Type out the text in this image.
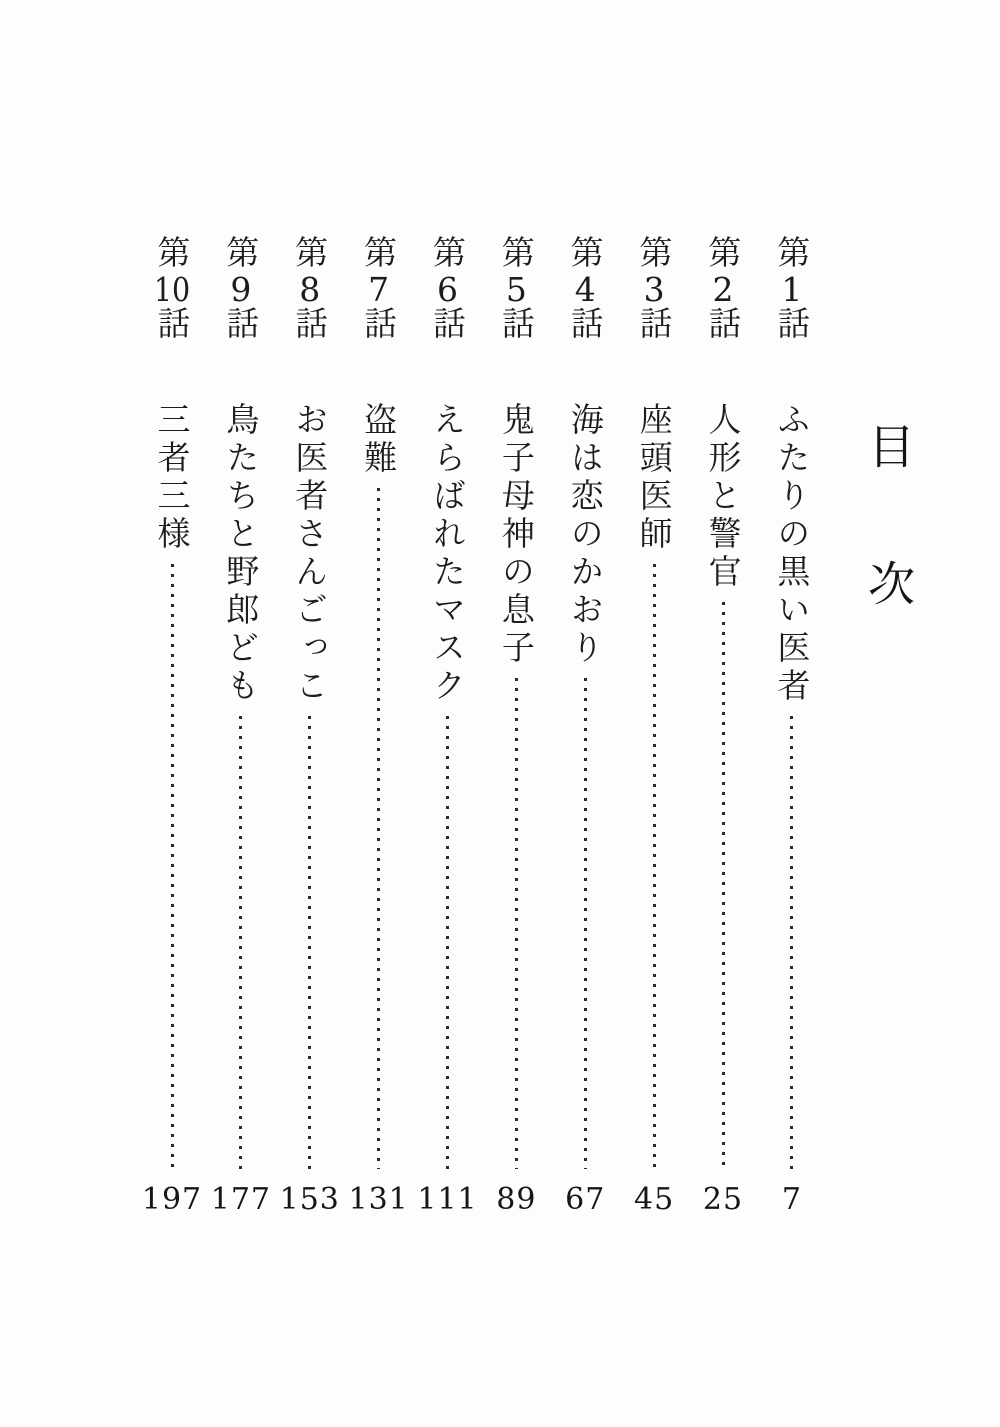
目次
第1話
ふたりの黒い医者
7
第2話
人形と警官
25
第3話
座頭医師
45
第4話
海は恋のかおり
67
第5話
鬼子母神の息子
89
第6話
えらばれたマスク
111
第7話
盗難
131
第8話
お医者さんごっこ
153
第9話
鳥たちと野郎ども
177
第10話
三者三様
197
